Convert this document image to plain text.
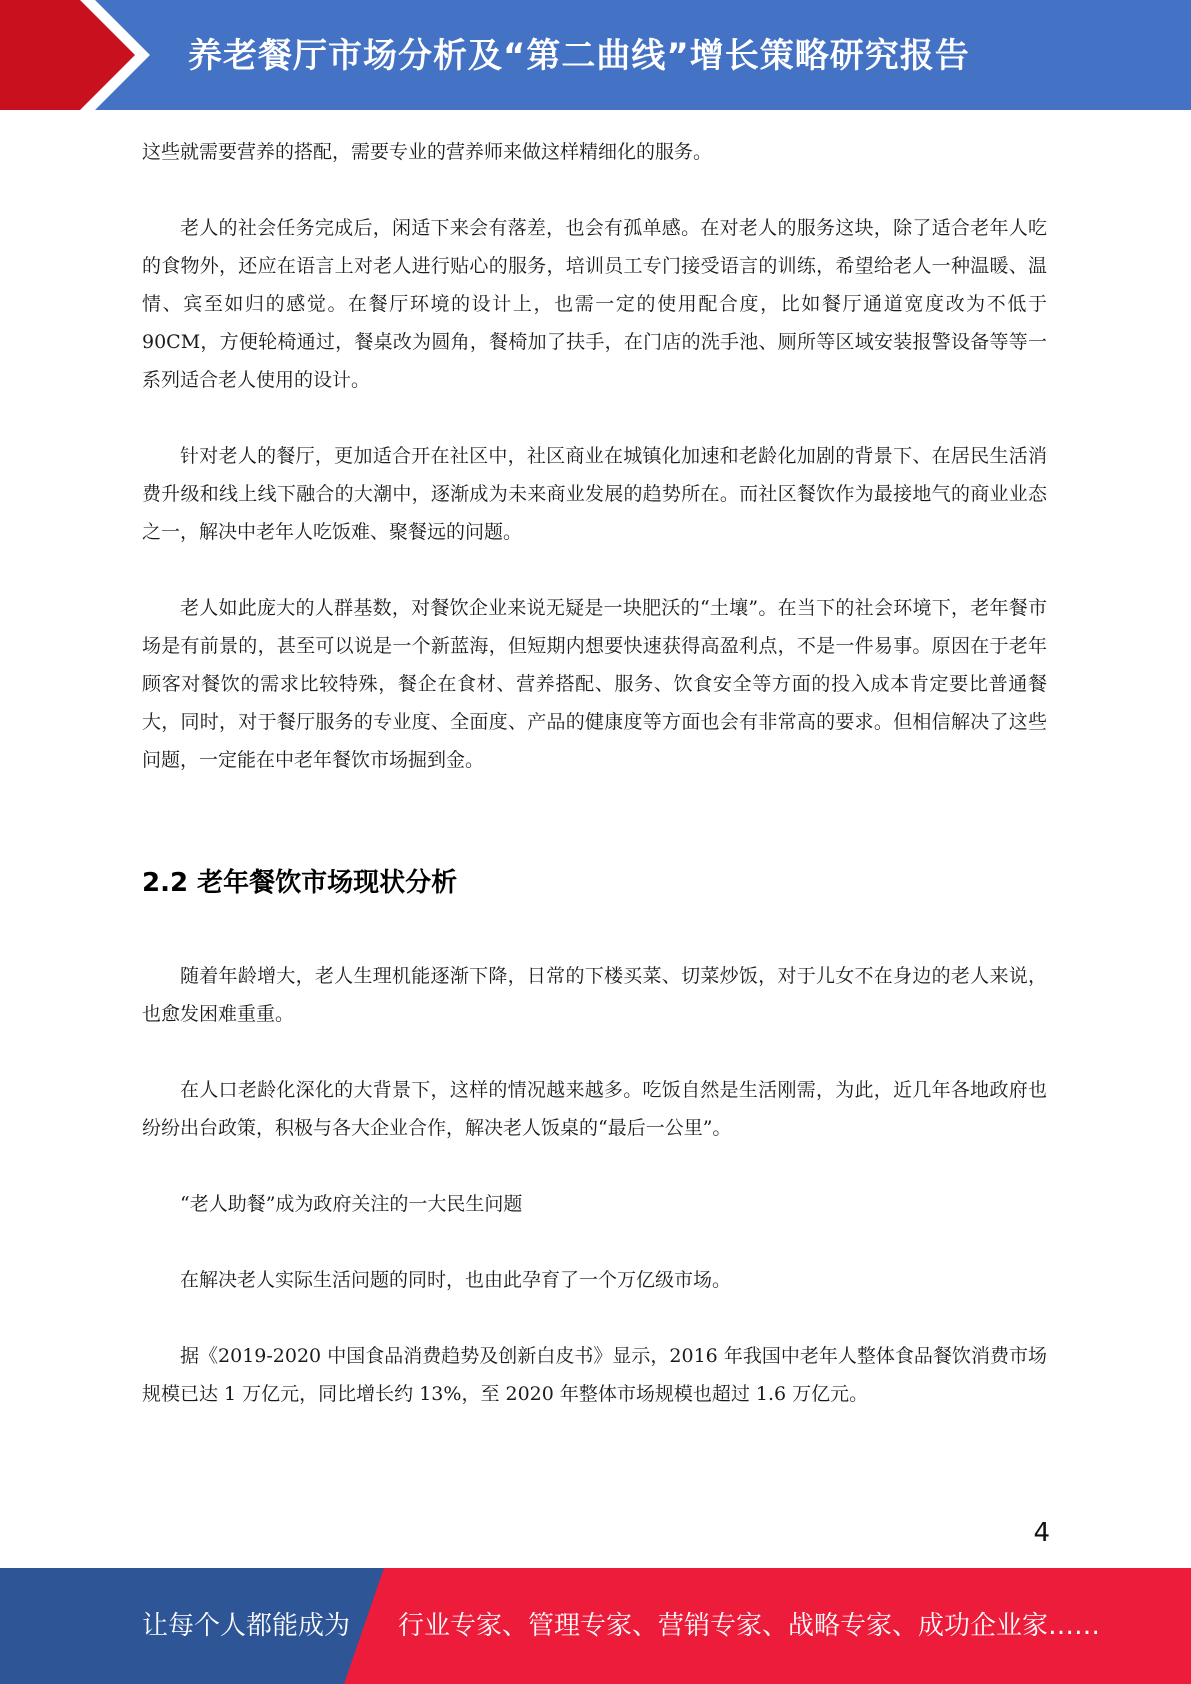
养老餐厅市场分析及“第二曲线”增长策略研究报告

这些就需要营养的搭配，需要专业的营养师来做这样精细化的服务。

老人的社会任务完成后，闲适下来会有落差，也会有孤单感。在对老人的服务这块，除了适合老年人吃的食物外，还应在语言上对老人进行贴心的服务，培训员工专门接受语言的训练，希望给老人一种温暖、温情、宾至如归的感觉。在餐厅环境的设计上，也需一定的使用配合度，比如餐厅通道宽度改为不低于 90CM，方便轮椅通过，餐桌改为圆角，餐椅加了扶手，在门店的洗手池、厕所等区域安装报警设备等等一系列适合老人使用的设计。

针对老人的餐厅，更加适合开在社区中，社区商业在城镇化加速和老龄化加剧的背景下、在居民生活消费升级和线上线下融合的大潮中，逐渐成为未来商业发展的趋势所在。而社区餐饮作为最接地气的商业业态之一，解决中老年人吃饭难、聚餐远的问题。

老人如此庞大的人群基数，对餐饮企业来说无疑是一块肥沃的“土壤”。在当下的社会环境下，老年餐市场是有前景的，甚至可以说是一个新蓝海，但短期内想要快速获得高盈利点，不是一件易事。原因在于老年顾客对餐饮的需求比较特殊，餐企在食材、营养搭配、服务、饮食安全等方面的投入成本肯定要比普通餐大，同时，对于餐厅服务的专业度、全面度、产品的健康度等方面也会有非常高的要求。但相信解决了这些问题，一定能在中老年餐饮市场掘到金。

2.2 老年餐饮市场现状分析

随着年龄增大，老人生理机能逐渐下降，日常的下楼买菜、切菜炒饭，对于儿女不在身边的老人来说，也愈发困难重重。

在人口老龄化深化的大背景下，这样的情况越来越多。吃饭自然是生活刚需，为此，近几年各地政府也纷纷出台政策，积极与各大企业合作，解决老人饭桌的“最后一公里”。

“老人助餐”成为政府关注的一大民生问题

在解决老人实际生活问题的同时，也由此孕育了一个万亿级市场。

据《2019-2020 中国食品消费趋势及创新白皮书》显示，2016 年我国中老年人整体食品餐饮消费市场规模已达 1 万亿元，同比增长约 13%，至 2020 年整体市场规模也超过 1.6 万亿元。

4
让每个人都能成为 行业专家、管理专家、营销专家、战略专家、成功企业家……
